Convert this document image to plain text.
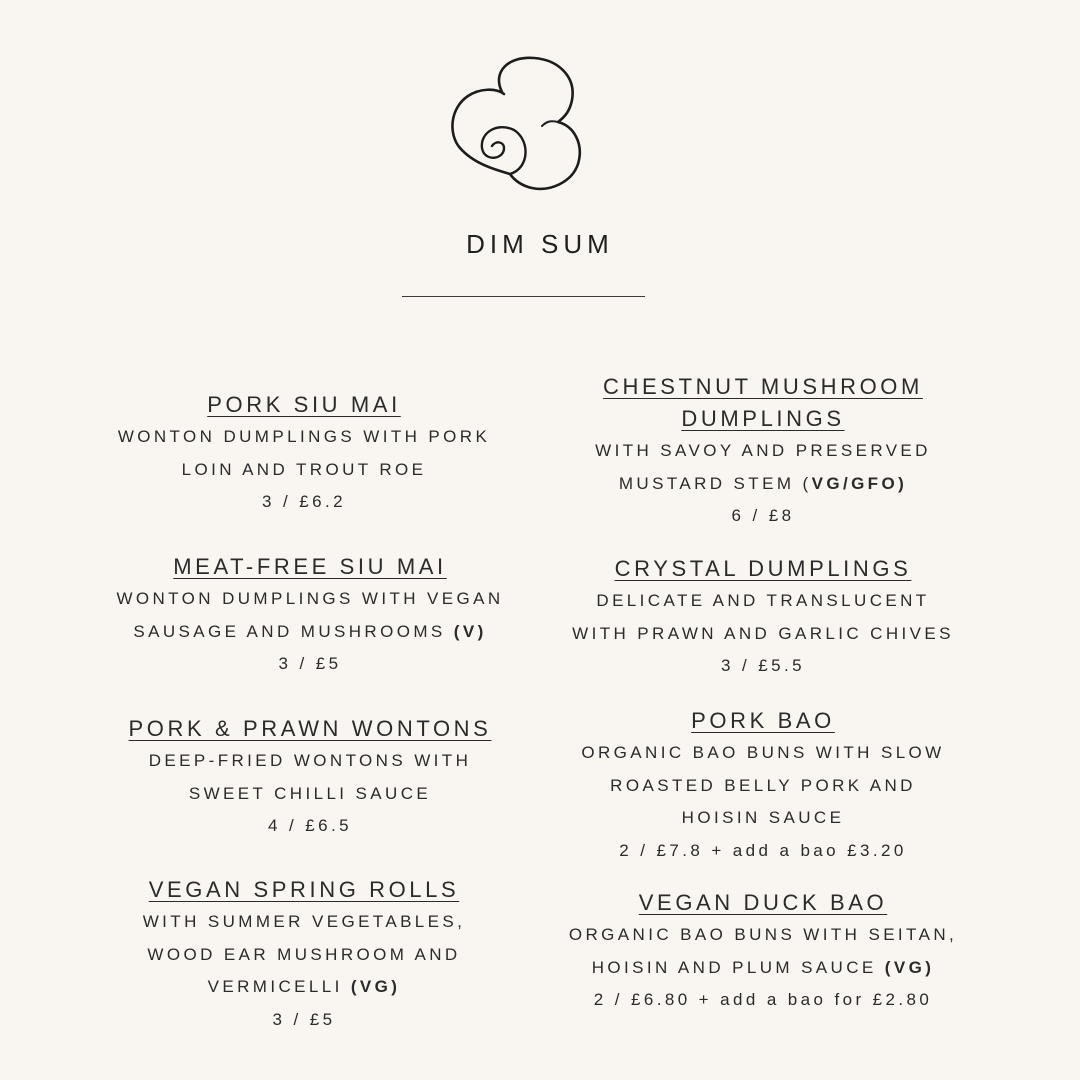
DIM SUM
PORK SIU MAI
WONTON DUMPLINGS WITH PORK
LOIN AND TROUT ROE
3 / £6.2
MEAT-FREE SIU MAI
WONTON DUMPLINGS WITH VEGAN
SAUSAGE AND MUSHROOMS (V)
3 / £5
PORK & PRAWN WONTONS
DEEP-FRIED WONTONS WITH
SWEET CHILLI SAUCE
4 / £6.5
VEGAN SPRING ROLLS
WITH SUMMER VEGETABLES,
WOOD EAR MUSHROOM AND
VERMICELLI (VG)
3 / £5
CHESTNUT MUSHROOM
DUMPLINGS
WITH SAVOY AND PRESERVED
MUSTARD STEM (VG/GFO)
6 / £8
CRYSTAL DUMPLINGS
DELICATE AND TRANSLUCENT
WITH PRAWN AND GARLIC CHIVES
3 / £5.5
PORK BAO
ORGANIC BAO BUNS WITH SLOW
ROASTED BELLY PORK AND
HOISIN SAUCE
2 / £7.8 + add a bao £3.20
VEGAN DUCK BAO
ORGANIC BAO BUNS WITH SEITAN,
HOISIN AND PLUM SAUCE (VG)
2 / £6.80 + add a bao for £2.80
